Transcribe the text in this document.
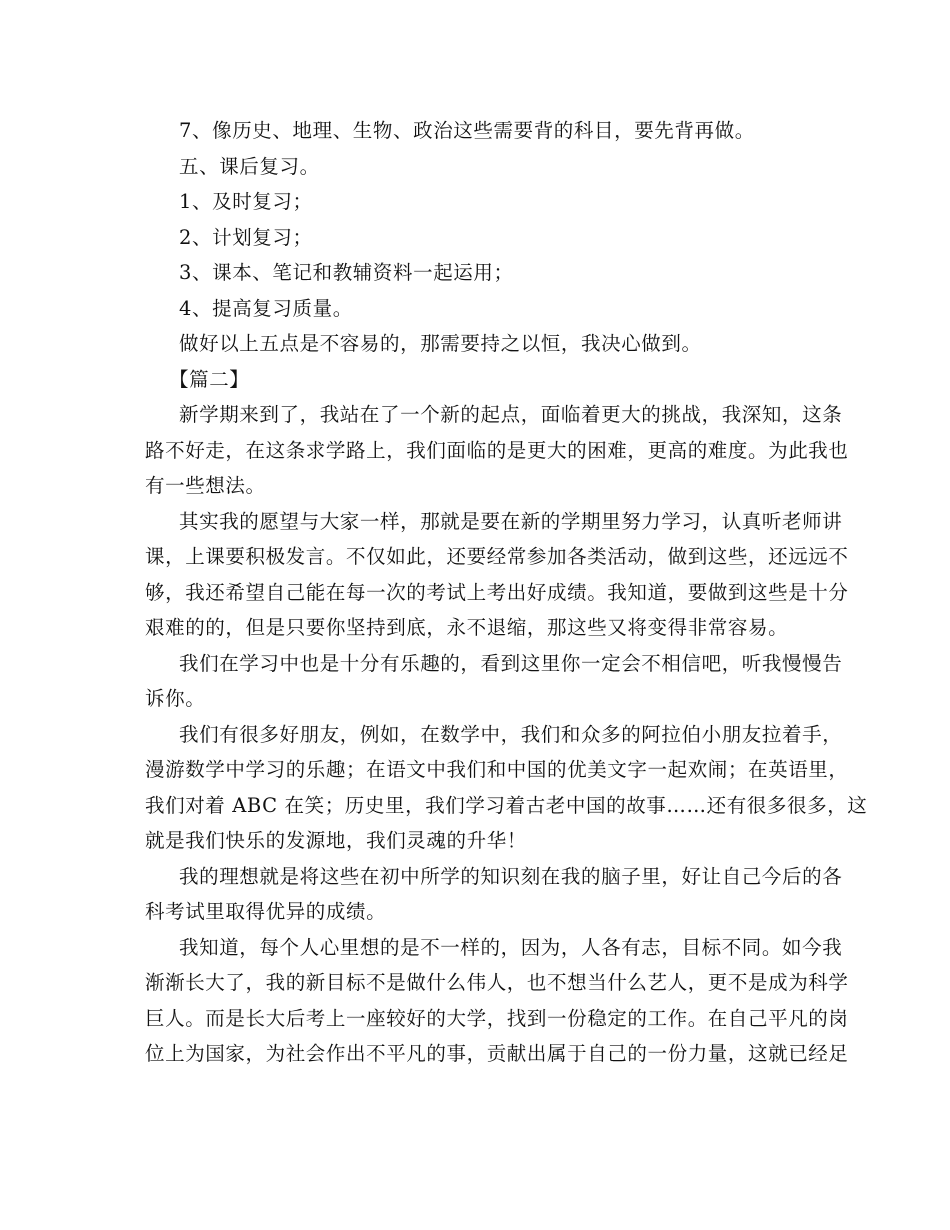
7、像历史、地理、生物、政治这些需要背的科目，要先背再做。
五、课后复习。
1、及时复习；
2、计划复习；
3、课本、笔记和教辅资料一起运用；
4、提高复习质量。
做好以上五点是不容易的，那需要持之以恒，我决心做到。
【篇二】
新学期来到了，我站在了一个新的起点，面临着更大的挑战，我深知，这条
路不好走，在这条求学路上，我们面临的是更大的困难，更高的难度。为此我也
有一些想法。
其实我的愿望与大家一样，那就是要在新的学期里努力学习，认真听老师讲
课，上课要积极发言。不仅如此，还要经常参加各类活动，做到这些，还远远不
够，我还希望自己能在每一次的考试上考出好成绩。我知道，要做到这些是十分
艰难的的，但是只要你坚持到底，永不退缩，那这些又将变得非常容易。
我们在学习中也是十分有乐趣的，看到这里你一定会不相信吧，听我慢慢告
诉你。
我们有很多好朋友，例如，在数学中，我们和众多的阿拉伯小朋友拉着手，
漫游数学中学习的乐趣；在语文中我们和中国的优美文字一起欢闹；在英语里，
我们对着 ABC 在笑；历史里，我们学习着古老中国的故事……还有很多很多，这
就是我们快乐的发源地，我们灵魂的升华！
我的理想就是将这些在初中所学的知识刻在我的脑子里，好让自己今后的各
科考试里取得优异的成绩。
我知道，每个人心里想的是不一样的，因为，人各有志，目标不同。如今我
渐渐长大了，我的新目标不是做什么伟人，也不想当什么艺人，更不是成为科学
巨人。而是长大后考上一座较好的大学，找到一份稳定的工作。在自己平凡的岗
位上为国家，为社会作出不平凡的事，贡献出属于自己的一份力量，这就已经足
